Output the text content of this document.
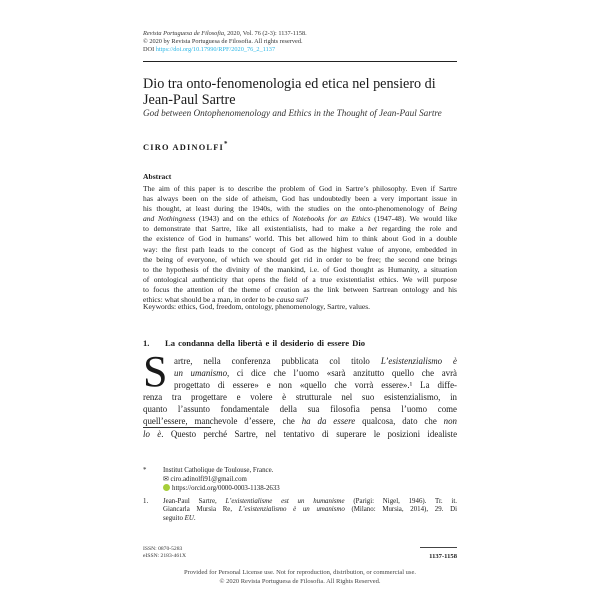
Revista Portuguesa de Filosofia, 2020, Vol. 76 (2-3): 1137-1158.
© 2020 by Revista Portuguesa de Filosofia. All rights reserved.
DOI https://doi.org/10.17990/RPF/2020_76_2_1137
Dio tra onto-fenomenologia ed etica nel pensiero di Jean-Paul Sartre
God between Ontophenomenology and Ethics in the Thought of Jean-Paul Sartre
CIRO ADINOLFI*
Abstract
The aim of this paper is to describe the problem of God in Sartre’s philosophy. Even if Sartre
has always been on the side of atheism, God has undoubtedly been a very important issue in
his thought, at least during the 1940s, with the studies on the onto-phenomenology of Being
and Nothingness (1943) and on the ethics of Notebooks for an Ethics (1947-48). We would like
to demonstrate that Sartre, like all existentialists, had to make a bet regarding the role and
the existence of God in humans’ world. This bet allowed him to think about God in a double
way: the first path leads to the concept of God as the highest value of anyone, embedded in
the being of everyone, of which we should get rid in order to be free; the second one brings
to the hypothesis of the divinity of the mankind, i.e. of God thought as Humanity, a situation
of ontological authenticity that opens the field of a true existentialist ethics. We will purpose
to focus the attention of the theme of creation as the link between Sartrean ontology and his
ethics: what should be a man, in order to be causa sui?
Keywords: ethics, God, freedom, ontology, phenomenology, Sartre, values.
1. La condanna della libertà e il desiderio di essere Dio
S artre, nella conferenza pubblicata col titolo L’esistenzialismo è
un umanismo, ci dice che l’uomo «sarà anzitutto quello che avrà
progettato di essere» e non «quello che vorrà essere».¹ La diffe-
renza tra progettare e volere è strutturale nel suo esistenzialismo, in
quanto l’assunto fondamentale della sua filosofia pensa l’uomo come
quell’essere, manchevole d’essere, che ha da essere qualcosa, dato che non
lo è. Questo perché Sartre, nel tentativo di superare le posizioni idealiste
*	Institut Catholique de Toulouse, France.
✉ ciro.adinolfi91@gmail.com
https://orcid.org/0000-0003-1138-2633
1.	Jean-Paul Sartre, L’existentialisme est un humanisme (Parigi: Nigel, 1946). Tr. it.
Giancarla Mursia Re, L’esistenzialismo è un umanismo (Milano: Mursia, 2014), 29. Di
seguito EU.
ISSN: 0870-5283
eISSN: 2183-461X	1137-1158
Provided for Personal License use. Not for reproduction, distribution, or commercial use.
© 2020 Revista Portuguesa de Filosofia. All Rights Reserved.
